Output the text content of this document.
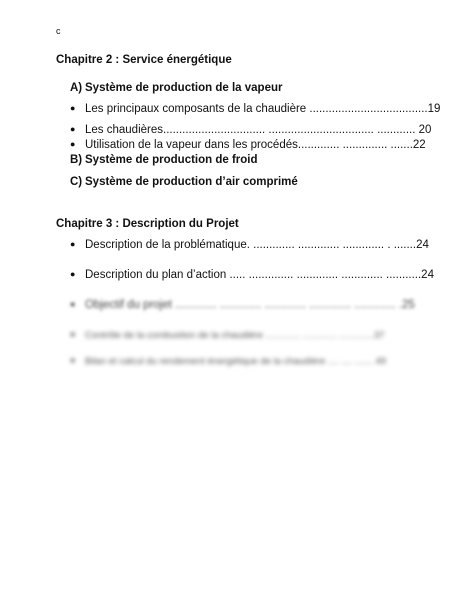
c
Chapitre 2 : Service énergétique
A) Système de production de la vapeur
● Les principaux composants de la chaudière .....................................19
● Les chaudières................................ ................................. ............ 20
● Utilisation de la vapeur dans les procédés............. .............. .......22
B) Système de production de froid
C) Système de production d’air comprimé
Chapitre 3 : Description du Projet
● Description de la problématique. ............. ............. ............. . .......24
● Description du plan d’action ..... .............. ............. ............. ...........24
● Objectif du projet ............. ............. ............. ............. ............. .25
●	Contrôle de la combustion de la chaudière ............. ............. .............37
●	Bilan et calcul du rendement énergétique de la chaudière .... .... ....... 49
